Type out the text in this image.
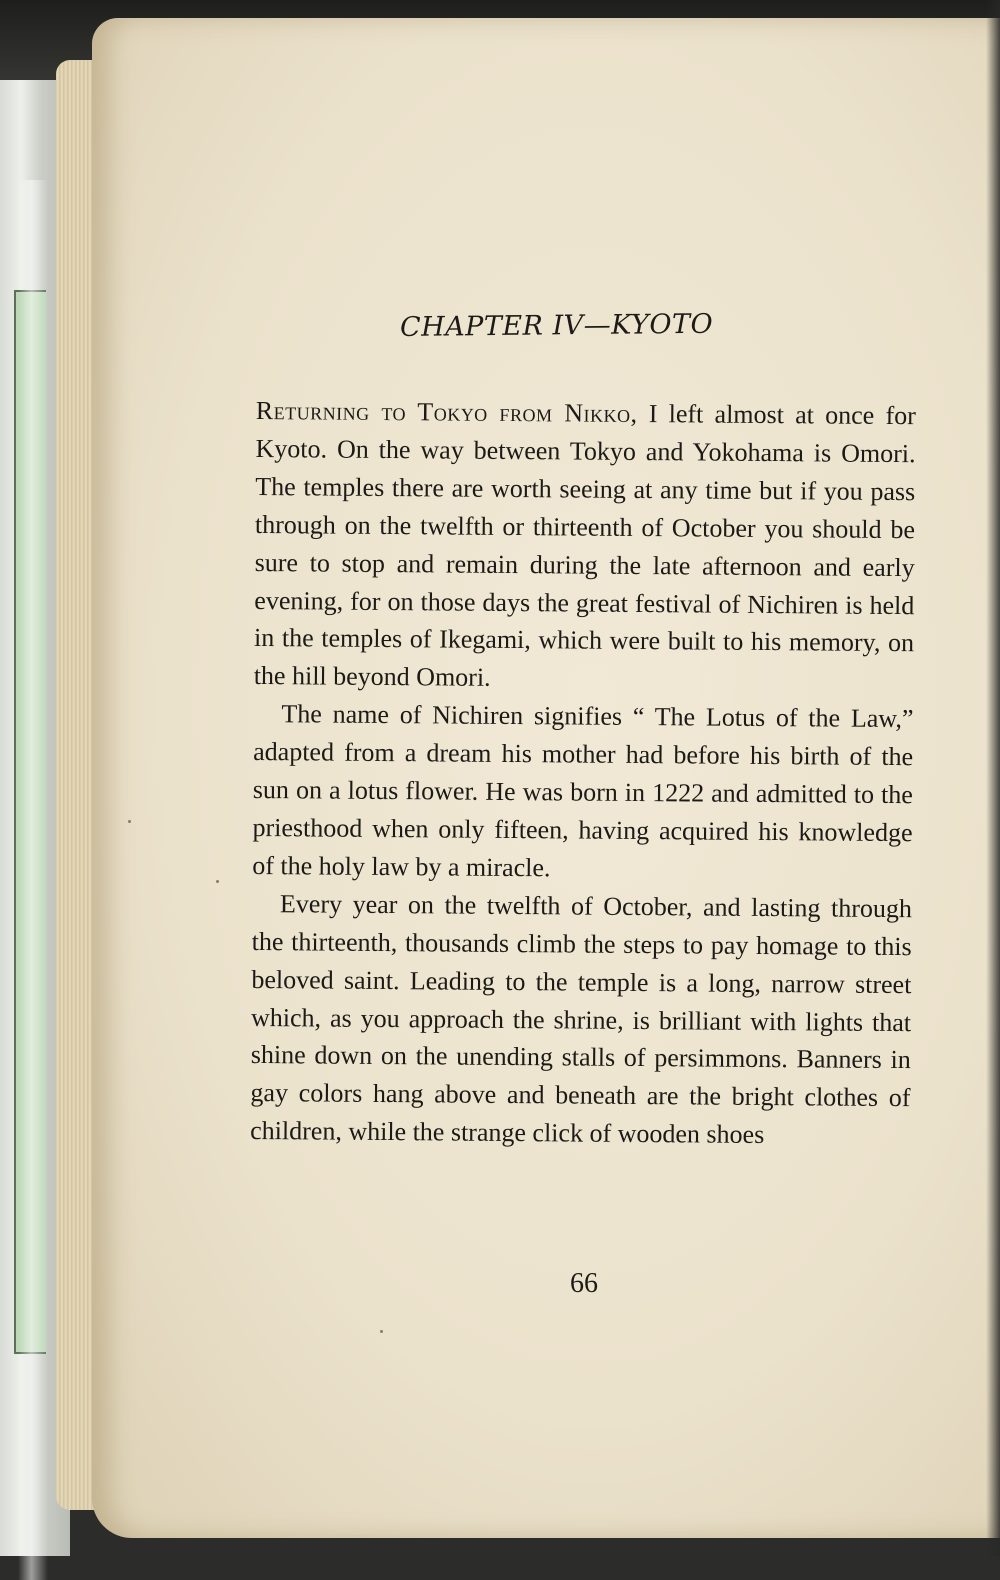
CHAPTER IV—KYOTO

Returning to Tokyo from Nikko, I left almost at once for Kyoto. On the way between Tokyo and Yokohama is Omori. The temples there are worth seeing at any time but if you pass through on the twelfth or thirteenth of October you should be sure to stop and remain during the late afternoon and early evening, for on those days the great festival of Nichiren is held in the temples of Ikegami, which were built to his memory, on the hill beyond Omori.

The name of Nichiren signifies “ The Lotus of the Law,” adapted from a dream his mother had before his birth of the sun on a lotus flower. He was born in 1222 and admitted to the priesthood when only fifteen, having acquired his knowledge of the holy law by a miracle.

Every year on the twelfth of October, and lasting through the thirteenth, thousands climb the steps to pay homage to this beloved saint. Leading to the temple is a long, narrow street which, as you approach the shrine, is brilliant with lights that shine down on the unending stalls of persimmons. Banners in gay colors hang above and beneath are the bright clothes of children, while the strange click of wooden shoes

66
